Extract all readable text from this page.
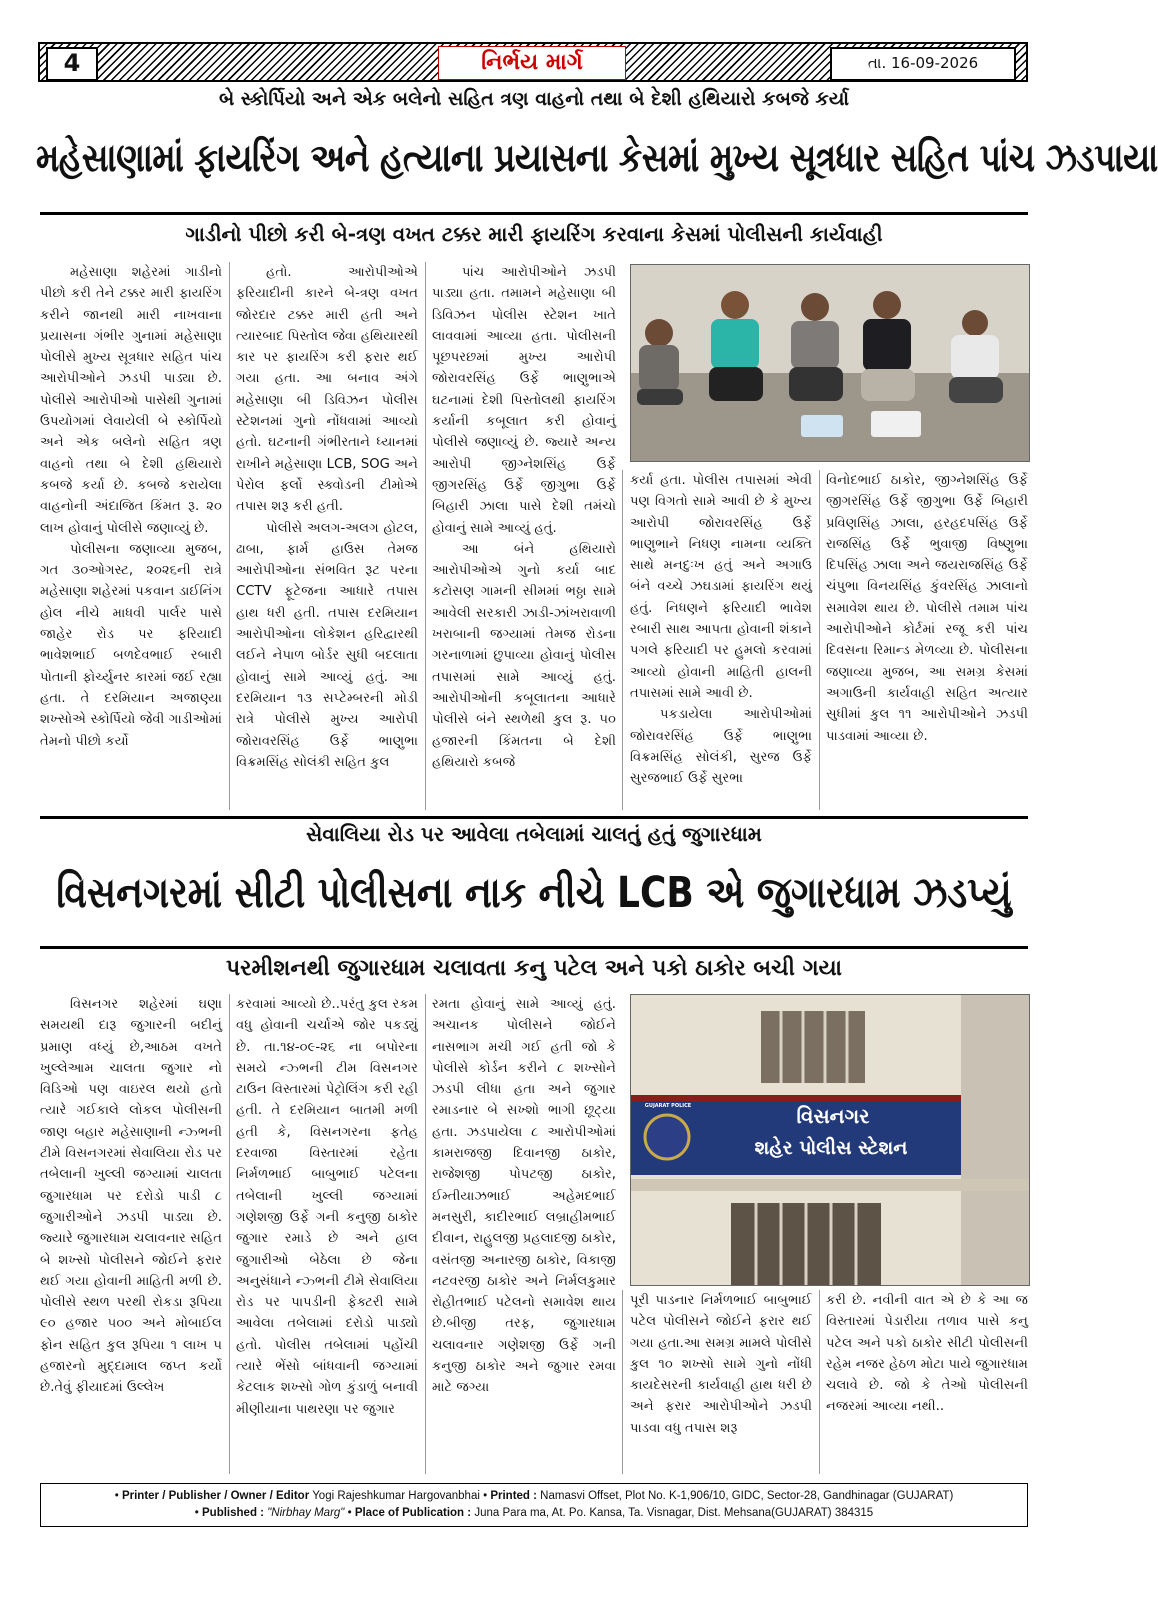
4	નિર્ભય માર્ગ	તા. 16-09-2026
બે સ્કોર્પિયો અને એક બલેનો સહિત ત્રણ વાહનો તથા બે દેશી હથિયારો કબજે કર્યા
મહેસાણામાં ફાયરિંગ અને હત્યાના પ્રયાસના કેસમાં મુખ્ય સૂત્રધાર સહિત પાંચ ઝડપાયા
ગાડીનો પીછો કરી બે-ત્રણ વખત ટક્કર મારી ફાયરિંગ કરવાના કેસમાં પોલીસની કાર્યવાહી

મહેસાણા શહેરમાં ગાડીનો પીછો કરી તેને ટક્કર મારી ફાયરિંગ કરીને જાનથી મારી નાખવાના પ્રયાસના ગંભીર ગુનામાં મહેસાણા પોલીસે મુખ્ય સૂત્રધાર સહિત પાંચ આરોપીઓને ઝડપી પાડ્યા છે. પોલીસે આરોપીઓ પાસેથી ગુનામાં ઉપયોગમાં લેવાયેલી બે સ્કોર્પિયો અને એક બલેનો સહિત ત્રણ વાહનો તથા બે દેશી હથિયારો કબજે કર્યા છે. કબજે કરાયેલા વાહનોની અંદાજિત કિંમત રૂ. ૨૦ લાખ હોવાનું પોલીસે જણાવ્યું છે.

પોલીસના જણાવ્યા મુજબ, ગત ૩૦ઓગસ્ટ, ૨૦૨૬ની રાત્રે મહેસાણા શહેરમાં પકવાન ડાઈનિંગ હોલ નીચે માધવી પાર્લર પાસે જાહેર રોડ પર ફરિયાદી ભાવેશભાઈ બળદેવભાઈ રબારી પોતાની ફોર્ચ્યુનર કારમાં જઈ રહ્યા હતા. તે દરમિયાન અજાણ્યા શખ્સોએ સ્કોર્પિયો જેવી ગાડીઓમાં તેમનો પીછો કર્યો

હતો. આરોપીઓએ ફરિયાદીની કારને બે-ત્રણ વખત જોરદાર ટક્કર મારી હતી અને ત્યારબાદ પિસ્તોલ જેવા હથિયારથી કાર પર ફાયરિંગ કરી ફરાર થઈ ગયા હતા. આ બનાવ અંગે મહેસાણા બી ડિવિઝન પોલીસ સ્ટેશનમાં ગુનો નોંધવામાં આવ્યો હતો. ઘટનાની ગંભીરતાને ધ્યાનમાં રાખીને મહેસાણા LCB, SOG અને પેરોલ ફર્લો સ્ક્વોડની ટીમોએ તપાસ શરૂ કરી હતી.

પોલીસે અલગ-અલગ હોટલ, ઢાબા, ફાર્મ હાઉસ તેમજ આરોપીઓના સંભવિત રૂટ પરના CCTV ફૂટેજના આધારે તપાસ હાથ ધરી હતી. તપાસ દરમિયાન આરોપીઓના લોકેશન હરિદ્વારથી લઈને નેપાળ બોર્ડર સુધી બદલાતા હોવાનું સામે આવ્યું હતું. આ દરમિયાન ૧૩ સપ્ટેમ્બરની મોડી રાત્રે પોલીસે મુખ્ય આરોપી જોરાવરસિંહ ઉર્ફે ભાણુભા વિક્રમસિંહ સોલંકી સહિત કુલ

પાંચ આરોપીઓને ઝડપી પાડ્યા હતા. તમામને મહેસાણા બી ડિવિઝન પોલીસ સ્ટેશન ખાતે લાવવામાં આવ્યા હતા. પોલીસની પૂછપરછમાં મુખ્ય આરોપી જોરાવરસિંહ ઉર્ફે ભાણુભાએ ઘટનામાં દેશી પિસ્તોલથી ફાયરિંગ કર્યાની કબૂલાત કરી હોવાનું પોલીસે જણાવ્યું છે. જ્યારે અન્ય આરોપી જીગ્નેશસિંહ ઉર્ફે જીગરસિંહ ઉર્ફે જીગુભા ઉર્ફે બિહારી ઝાલા પાસે દેશી તમંચો હોવાનું સામે આવ્યું હતું.

આ બંને હથિયારો આરોપીઓએ ગુનો કર્યા બાદ કટોસણ ગામની સીમમાં ભઠ્ઠા સામે આવેલી સરકારી ઝાડી-ઝાંખરાવાળી ખરાબાની જગ્યામાં તેમજ રોડના ગરનાળામાં છુપાવ્યા હોવાનું પોલીસ તપાસમાં સામે આવ્યું હતું. આરોપીઓની કબૂલાતના આધારે પોલીસે બંને સ્થળેથી કુલ રૂ. ૫૦ હજારની કિંમતના બે દેશી હથિયારો કબજે

કર્યા હતા. પોલીસ તપાસમાં એવી પણ વિગતો સામે આવી છે કે મુખ્ય આરોપી જોરાવરસિંહ ઉર્ફે ભાણુભાને નિધણ નામના વ્યક્તિ સાથે મનદુઃખ હતું અને અગાઉ બંને વચ્ચે ઝઘડામાં ફાયરિંગ થયું હતું. નિધણને ફરિયાદી ભાવેશ રબારી સાથ આપતા હોવાની શંકાને પગલે ફરિયાદી પર હુમલો કરવામાં આવ્યો હોવાની માહિતી હાલની તપાસમાં સામે આવી છે.

પકડાયેલા આરોપીઓમાં જોરાવરસિંહ ઉર્ફે ભાણુભા વિક્રમસિંહ સોલંકી, સુરજ ઉર્ફે સુરજભાઈ ઉર્ફે સુરભા

વિનોદભાઈ ઠાકોર, જીગ્નેશસિંહ ઉર્ફે જીગરસિંહ ઉર્ફે જીગુભા ઉર્ફે બિહારી પ્રવિણસિંહ ઝાલા, હરહદપસિંહ ઉર્ફે રાજસિંહ ઉર્ફે ભુવાજી વિષ્ણુભા દિપસિંહ ઝાલા અને જયરાજસિંહ ઉર્ફે ચંપુભા વિનયસિંહ કુંવરસિંહ ઝાલાનો સમાવેશ થાય છે. પોલીસે તમામ પાંચ આરોપીઓને કોર્ટમાં રજૂ કરી પાંચ દિવસના રિમાન્ડ મેળવ્યા છે. પોલીસના જણાવ્યા મુજબ, આ સમગ્ર કેસમાં અગાઉની કાર્યવાહી સહિત અત્યાર સુધીમાં કુલ ૧૧ આરોપીઓને ઝડપી પાડવામાં આવ્યા છે.

સેવાલિયા રોડ પર આવેલા તબેલામાં ચાલતું હતું જુગારધામ
વિસનગરમાં સીટી પોલીસના નાક નીચે LCB એ જુગારધામ ઝડપ્યું
પરમીશનથી જુગારધામ ચલાવતા કનુ પટેલ અને પકો ઠાકોર બચી ગયા

વિસનગર શહેરમાં ઘણા સમયથી દારૂ જુગારની બદીનું પ્રમાણ વધ્યું છે,આઠમ વખતે ખુલ્લેઆમ ચાલતા જુગાર નો વિડિઓ પણ વાઇરલ થયો હતો ત્યારે ગઈકાલે લોકલ પોલીસની જાણ બહાર મહેસાણાની ન્ઝ્ભની ટીમે વિસનગરમાં સેવાલિયા રોડ પર તબેલાની ખુલ્લી જગ્યામાં ચાલતા જુગારધામ પર દરોડો પાડી ૮ જુગારીઓને ઝડપી પાડ્યા છે. જ્યારે જુગારધામ ચલાવનાર સહિત બે શખ્સો પોલીસને જોઈને ફરાર થઈ ગયા હોવાની માહિતી મળી છે. પોલીસે સ્થળ પરથી રોકડા રૂપિયા ૯૦ હજાર ૫૦૦ અને મોબાઈલ ફોન સહિત કુલ રૂપિયા ૧ લાખ ૫ હજારનો મુદ્દામાલ જપ્ત કર્યો છે.તેવું ફીયાદમાં ઉલ્લેખ

કરવામાં આવ્યો છે..પરંતુ કુલ રકમ વધુ હોવાની ચર્ચાએ જોર પકડ્યું છે. તા.૧૪-૦૯-૨૬ ના બપોરના સમયે ન્ઝ્ભની ટીમ વિસનગર ટાઉન વિસ્તારમાં પેટ્રોલિંગ કરી રહી હતી. તે દરમિયાન બાતમી મળી હતી કે, વિસનગરના ફતેહ દરવાજા વિસ્તારમાં રહેતા નિર્મળભાઈ બાબુભાઈ પટેલના તબેલાની ખુલ્લી જગ્યામાં ગણેશજી ઉર્ફે ગની કનુજી ઠાકોર જુગાર રમાડે છે અને હાલ જુગારીઓ બેઠેલા છે જેના અનુસંધાને ન્ઝ્ભની ટીમે સેવાલિયા રોડ પર પાપડીની ફેક્ટરી સામે આવેલા તબેલામાં દરોડો પાડ્યો હતો. પોલીસ તબેલામાં પહોંચી ત્યારે ભેંસો બાંધવાની જગ્યામાં કેટલાક શખ્સો ગોળ કુંડાળું બનાવી મીણીયાના પાથરણા પર જુગાર

રમતા હોવાનું સામે આવ્યું હતું. અચાનક પોલીસને જોઈને નાસભાગ મચી ગઈ હતી જો કે પોલીસે કોર્ડન કરીને ૮ શખ્સોને ઝડપી લીધા હતા અને જુગાર રમાડનાર બે સખ્શો ભાગી છૂટ્યા હતા. ઝડપાયેલા ૮ આરોપીઓમાં કામરાજજી દિવાનજી ઠાકોર, રાજેશજી પોપટજી ઠાકોર, ઈમ્તીયાઝભાઈ અહેમદભાઈ મનસુરી, કાદીરભાઈ લબ્રાહીમભાઈ દીવાન, રાહુલજી પ્રહલાદજી ઠાકોર, વસંતજી અનારજી ઠાકોર, વિકાજી નટવરજી ઠાકોર અને નિર્મલકુમાર રોહીતભાઈ પટેલનો સમાવેશ થાય છે.બીજી તરફ, જુગારધામ ચલાવનાર ગણેશજી ઉર્ફે ગની કનુજી ઠાકોર અને જુગાર રમવા માટે જગ્યા

વિસનગર
શહેર પોલીસ સ્ટેશન
GUJARAT POLICE

પૂરી પાડનાર નિર્મળભાઈ બાબુભાઈ પટેલ પોલીસને જોઈને ફરાર થઈ ગયા હતા.આ સમગ્ર મામલે પોલીસે કુલ ૧૦ શખ્સો સામે ગુનો નોંધી કાયદેસરની કાર્યવાહી હાથ ધરી છે અને ફરાર આરોપીઓને ઝડપી પાડવા વધુ તપાસ શરૂ

કરી છે. નવીની વાત એ છે કે આ જ વિસ્તારમાં પેડારીયા તળાવ પાસે કનુ પટેલ અને પકો ઠાકોર સીટી પોલીસની રહેમ નજર હેઠળ મોટા પાયે જુગારધામ ચલાવે છે. જો કે તેઓ પોલીસની નજરમાં આવ્યા નથી..

• Printer / Publisher / Owner / Editor Yogi Rajeshkumar Hargovanbhai • Printed : Namasvi Offset, Plot No. K-1,906/10, GIDC, Sector-28, Gandhinagar (GUJARAT)
• Published : "Nirbhay Marg" • Place of Publication : Juna Para ma, At. Po. Kansa, Ta. Visnagar, Dist. Mehsana(GUJARAT) 384315
